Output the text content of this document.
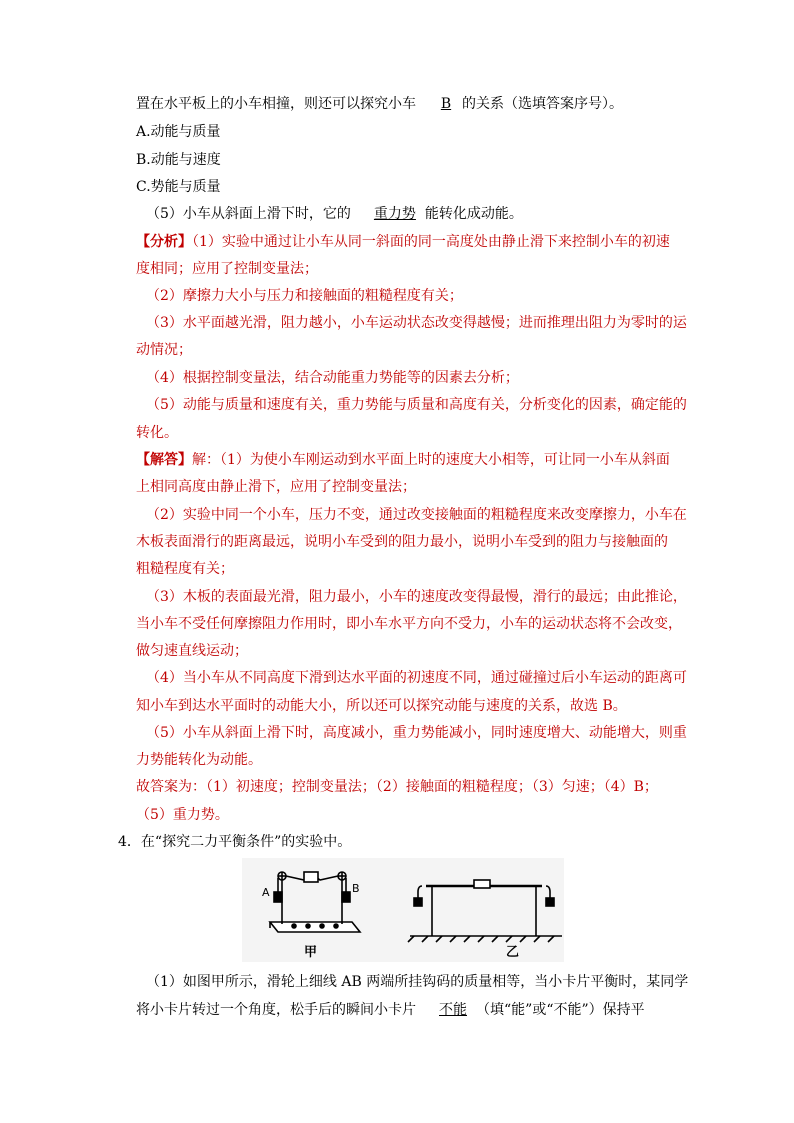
置在水平板上的小车相撞，则还可以探究小车 B 的关系（选填答案序号）。
A.动能与质量
B.动能与速度
C.势能与质量
（5）小车从斜面上滑下时，它的 重力势 能转化成动能。
【分析】（1）实验中通过让小车从同一斜面的同一高度处由静止滑下来控制小车的初速
度相同；应用了控制变量法；
（2）摩擦力大小与压力和接触面的粗糙程度有关；
（3）水平面越光滑，阻力越小，小车运动状态改变得越慢；进而推理出阻力为零时的运
动情况；
（4）根据控制变量法，结合动能重力势能等的因素去分析；
（5）动能与质量和速度有关，重力势能与质量和高度有关，分析变化的因素，确定能的
转化。
【解答】解：（1）为使小车刚运动到水平面上时的速度大小相等，可让同一小车从斜面
上相同高度由静止滑下，应用了控制变量法；
（2）实验中同一个小车，压力不变，通过改变接触面的粗糙程度来改变摩擦力，小车在
木板表面滑行的距离最远，说明小车受到的阻力最小，说明小车受到的阻力与接触面的
粗糙程度有关；
（3）木板的表面最光滑，阻力最小，小车的速度改变得最慢，滑行的最远；由此推论，
当小车不受任何摩擦阻力作用时，即小车水平方向不受力，小车的运动状态将不会改变，
做匀速直线运动；
（4）当小车从不同高度下滑到达水平面的初速度不同，通过碰撞过后小车运动的距离可
知小车到达水平面时的动能大小，所以还可以探究动能与速度的关系，故选 B。
（5）小车从斜面上滑下时，高度减小，重力势能减小，同时速度增大、动能增大，则重
力势能转化为动能。
故答案为：（1）初速度；控制变量法；（2）接触面的粗糙程度；（3）匀速；（4）B；
（5）重力势。
4．在“探究二力平衡条件”的实验中。
A	B
甲	乙
（1）如图甲所示，滑轮上细线 AB 两端所挂钩码的质量相等，当小卡片平衡时，某同学
将小卡片转过一个角度，松手后的瞬间小卡片 不能 （填“能”或“不能”）保持平
